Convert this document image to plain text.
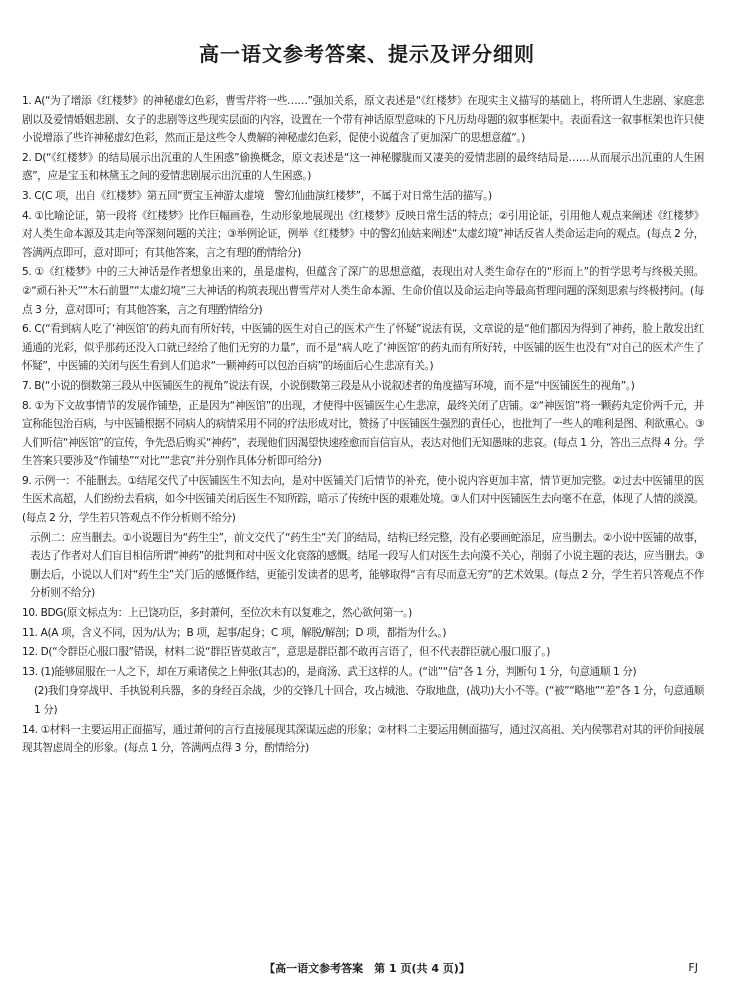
高一语文参考答案、提示及评分细则

1. A(“为了增添《红楼梦》的神秘虚幻色彩，曹雪芹将一些……”强加关系，原文表述是“《红楼梦》在现实主义描写的基础上，将所谓人生悲剧、家庭悲剧以及爱情婚姻悲剧、女子的悲剧等这些现实层面的内容，设置在一个带有神话原型意味的下凡历劫母题的叙事框架中。表面看这一叙事框架也许只使小说增添了些许神秘虚幻色彩，然而正是这些令人费解的神秘虚幻色彩，促使小说蕴含了更加深广的思想意蕴”。)

2. D(“《红楼梦》的结局展示出沉重的人生困惑”偷换概念，原文表述是“这一神秘朦胧而又凄美的爱情悲剧的最终结局是……从而展示出沉重的人生困惑”，应是宝玉和林黛玉之间的爱情悲剧展示出沉重的人生困惑。)

3. C(C 项，出自《红楼梦》第五回“贾宝玉神游太虚境　警幻仙曲演红楼梦”，不属于对日常生活的描写。)

4. ①比喻论证，第一段将《红楼梦》比作巨幅画卷，生动形象地展现出《红楼梦》反映日常生活的特点；②引用论证，引用他人观点来阐述《红楼梦》对人类生命本源及其走向等深刻问题的关注；③举例论证，例举《红楼梦》中的警幻仙姑来阐述“太虚幻境”神话反省人类命运走向的观点。(每点 2 分，答满两点即可，意对即可；有其他答案，言之有理的酌情给分)

5. ①《红楼梦》中的三大神话是作者想象出来的，虽是虚构，但蕴含了深广的思想意蕴，表现出对人类生命存在的“形而上”的哲学思考与终极关照。②“顽石补天”“木石前盟”“太虚幻境”三大神话的构筑表现出曹雪芹对人类生命本源、生命价值以及命运走向等最高哲理问题的深刻思索与终极拷问。(每点 3 分，意对即可；有其他答案，言之有理酌情给分)

6. C(“看到病人吃了‘神医馆’的药丸而有所好转，中医铺的医生对自己的医术产生了怀疑”说法有误，文章说的是“他们都因为得到了神药，脸上散发出红通通的光彩，似乎那药还没入口就已经给了他们无穷的力量”，而不是“病人吃了‘神医馆’的药丸而有所好转，中医铺的医生也没有“对自己的医术产生了怀疑”，中医铺的关闭与医生看到人们追求“一颗神药可以包治百病”的场面后心生悲凉有关。)

7. B(“小说的倒数第三段从中医铺医生的视角”说法有误，小说倒数第三段是从小说叙述者的角度描写环境，而不是“中医铺医生的视角”。)

8. ①为下文故事情节的发展作铺垫，正是因为“神医馆”的出现，才使得中医铺医生心生悲凉，最终关闭了店铺。②“神医馆”将一颗药丸定价两千元，并宣称能包治百病，与中医铺根据不同病人的病情采用不同的疗法形成对比，赞扬了中医铺医生强烈的責任心，也批判了一些人的唯利是图、利欲熏心。③人们听信“神医馆”的宣传，争先恐后购买“神药”，表现他们因渴望快速痊愈而盲信盲从，表达对他们无知愚昧的悲哀。(每点 1 分，答出三点得 4 分。学生答案只要涉及“作铺垫”“对比”“悲哀”并分别作具体分析即可给分)

9. 示例一：不能删去。①结尾交代了中医铺医生不知去向，是对中医铺关门后情节的补充，使小说内容更加丰富，情节更加完整。②过去中医铺里的医生医术高超，人们纷纷去看病，如今中医铺关闭后医生不知所踪，暗示了传统中医的艰难处境。③人们对中医铺医生去向毫不在意，体现了人情的淡漠。(每点 2 分，学生若只答观点不作分析则不给分)

示例二：应当删去。①小说题目为“药生尘”，前文交代了“药生尘”关门的结局，结构已经完整，没有必要画蛇添足，应当删去。②小说中医铺的故事，表达了作者对人们盲目相信所谓“神药”的批判和对中医文化衰落的感慨。结尾一段写人们对医生去向漠不关心，削弱了小说主题的表达，应当删去。③删去后，小说以人们对“药生尘”关门后的感慨作结，更能引发读者的思考，能够取得“言有尽而意无穷”的艺术效果。(每点 2 分，学生若只答观点不作分析则不给分)

10. BDG(原文标点为：上已饶功臣，多封萧何，至位次未有以复难之，然心欲何第一。)

11. A(A 项，含义不同，因为/认为；B 项，起事/起身；C 项，解脱/解剖；D 项，都指为什么。)

12. D(“令群臣心服口服”错误，材料二说“群臣皆莫敢言”，意思是群臣都不敢再言语了，但不代表群臣就心服口服了。)

13. (1)能够屈服在一人之下，却在万乘诸侯之上伸张(其志)的，是商汤、武王这样的人。(“诎”“信”各 1 分，判断句 1 分，句意通顺 1 分)

(2)我们身穿战甲、手执锐利兵器，多的身经百余战，少的交锋几十回合，攻占城池、夺取地盘，(战功)大小不等。(“被”“略地”“差”各 1 分，句意通顺 1 分)

14. ①材料一主要运用正面描写，通过萧何的言行直接展现其深谋远虑的形象；②材料二主要运用侧面描写，通过汉高祖、关内侯鄂君对其的评价间接展现其智虑周全的形象。(每点 1 分，答满两点得 3 分，酌情给分)

【高一语文参考答案　第 1 页(共 4 页)】	FJ
